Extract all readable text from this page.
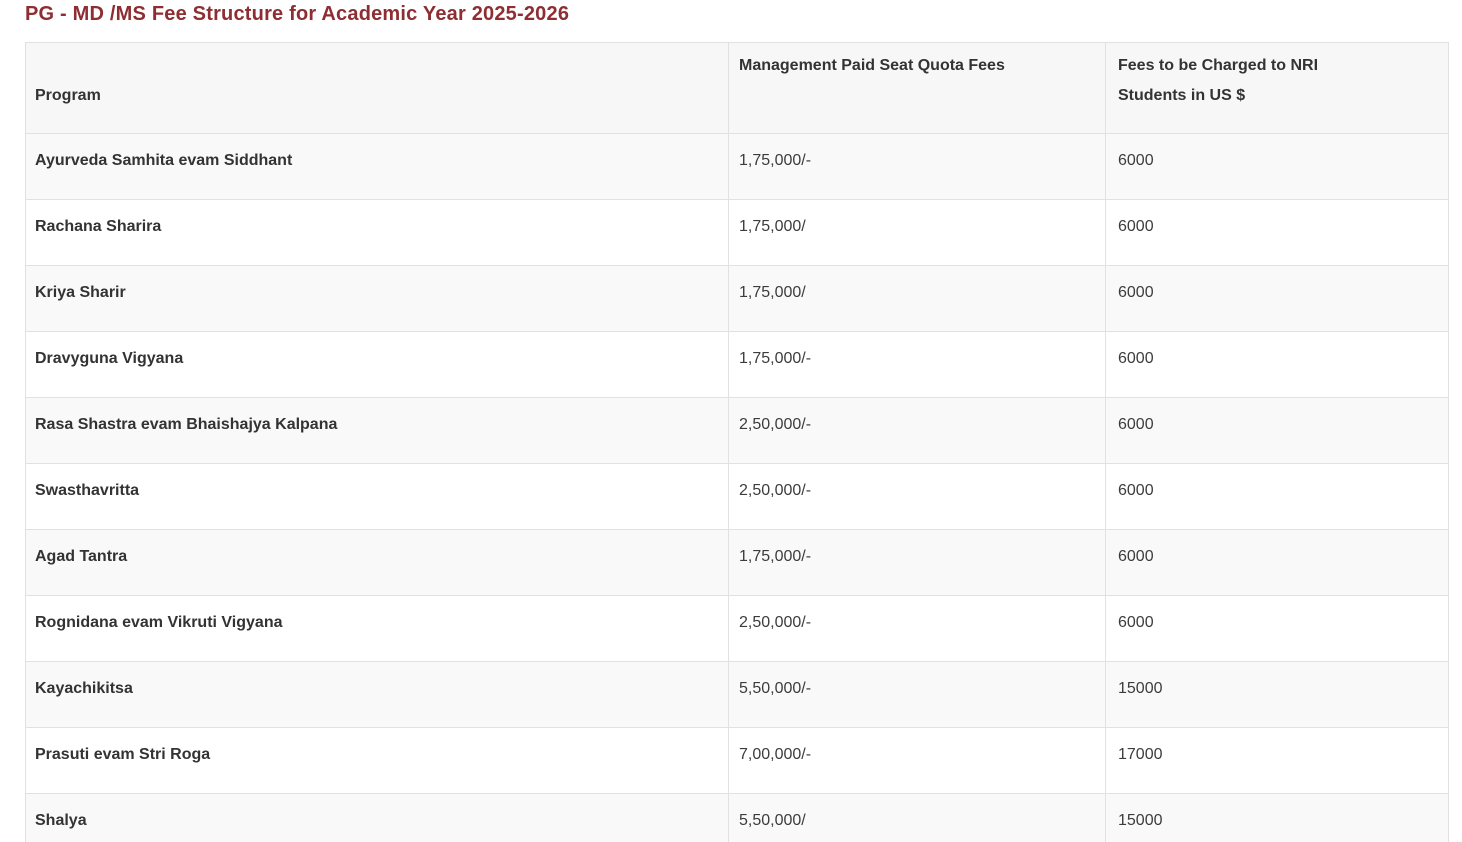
PG - MD /MS Fee Structure for Academic Year 2025-2026
Program	Management Paid Seat Quota Fees	Fees to be Charged to NRI Students in US $

Ayurveda Samhita evam Siddhant	1,75,000/-	6000
Rachana Sharira	1,75,000/	6000
Kriya Sharir	1,75,000/	6000
Dravyguna Vigyana	1,75,000/-	6000
Rasa Shastra evam Bhaishajya Kalpana	2,50,000/-	6000
Swasthavritta	2,50,000/-	6000
Agad Tantra	1,75,000/-	6000
Rognidana evam Vikruti Vigyana	2,50,000/-	6000
Kayachikitsa	5,50,000/-	15000
Prasuti evam Stri Roga	7,00,000/-	17000
Shalya	5,50,000/	15000
